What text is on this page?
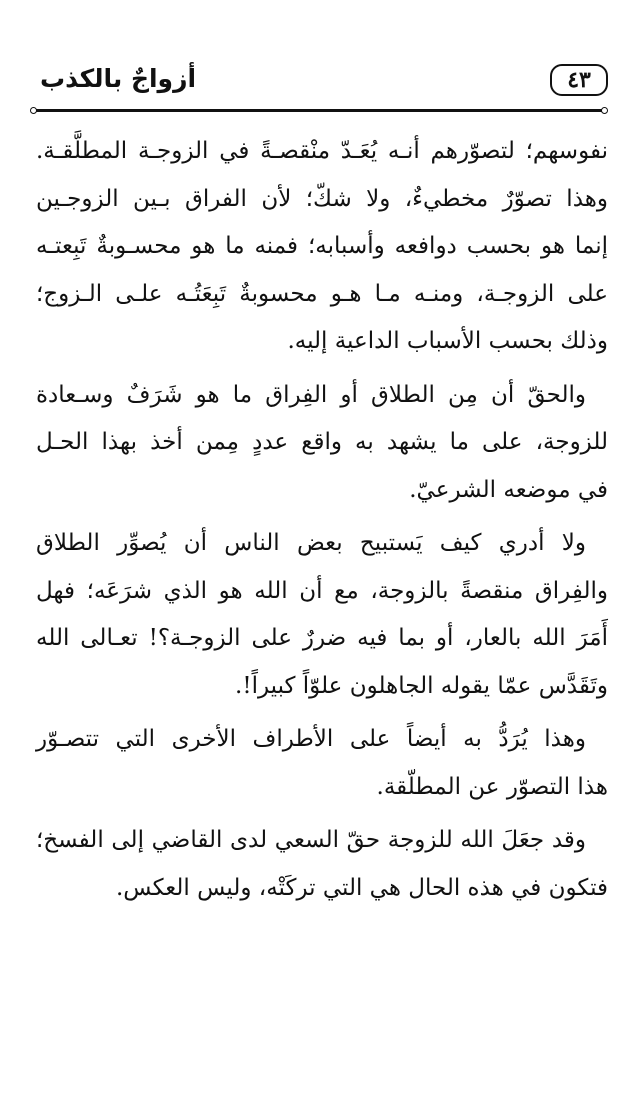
٤٣
أزواجٌ بالكذب
نفوسهم؛ لتصوّرهم أنـه يُعَـدّ منْقصـةً في الزوجـة المطلَّقـة.
وهذا تصوّرٌ مخطيءٌ، ولا شكّ؛ لأن الفراق بـين الزوجـين
إنما هو بحسب دوافعه وأسبابه؛ فمنه ما هو محسـوبةٌ تَبِعتـه
على الزوجـة، ومنـه مـا هـو محسوبةٌ تَبِعَتُـه علـى الـزوج؛
وذلك بحسب الأسباب الداعية إليه.
والحقّ أن مِن الطلاق أو الفِراق ما هو شَرَفٌ وسـعادة
للزوجة، على ما يشهد به واقع عددٍ مِمن أخذ بهذا الحـل
في موضعه الشرعيّ.
ولا أدري كيف يَستبيح بعض الناس أن يُصوِّر الطلاق
والفِراق منقصةً بالزوجة، مع أن الله هو الذي شرَعَه؛ فهل
أَمَرَ الله بالعار، أو بما فيه ضررٌ على الزوجـة؟! تعـالى الله
وتَقَدَّس عمّا يقوله الجاهلون علوّاً كبيراً!.
وهذا يُرَدُّ به أيضاً على الأطراف الأخرى التي تتصـوّر
هذا التصوّر عن المطلّقة.
وقد جعَلَ الله للزوجة حقّ السعي لدى القاضي إلى الفسخ؛
فتكون في هذه الحال هي التي تركَتْه، وليس العكس.
